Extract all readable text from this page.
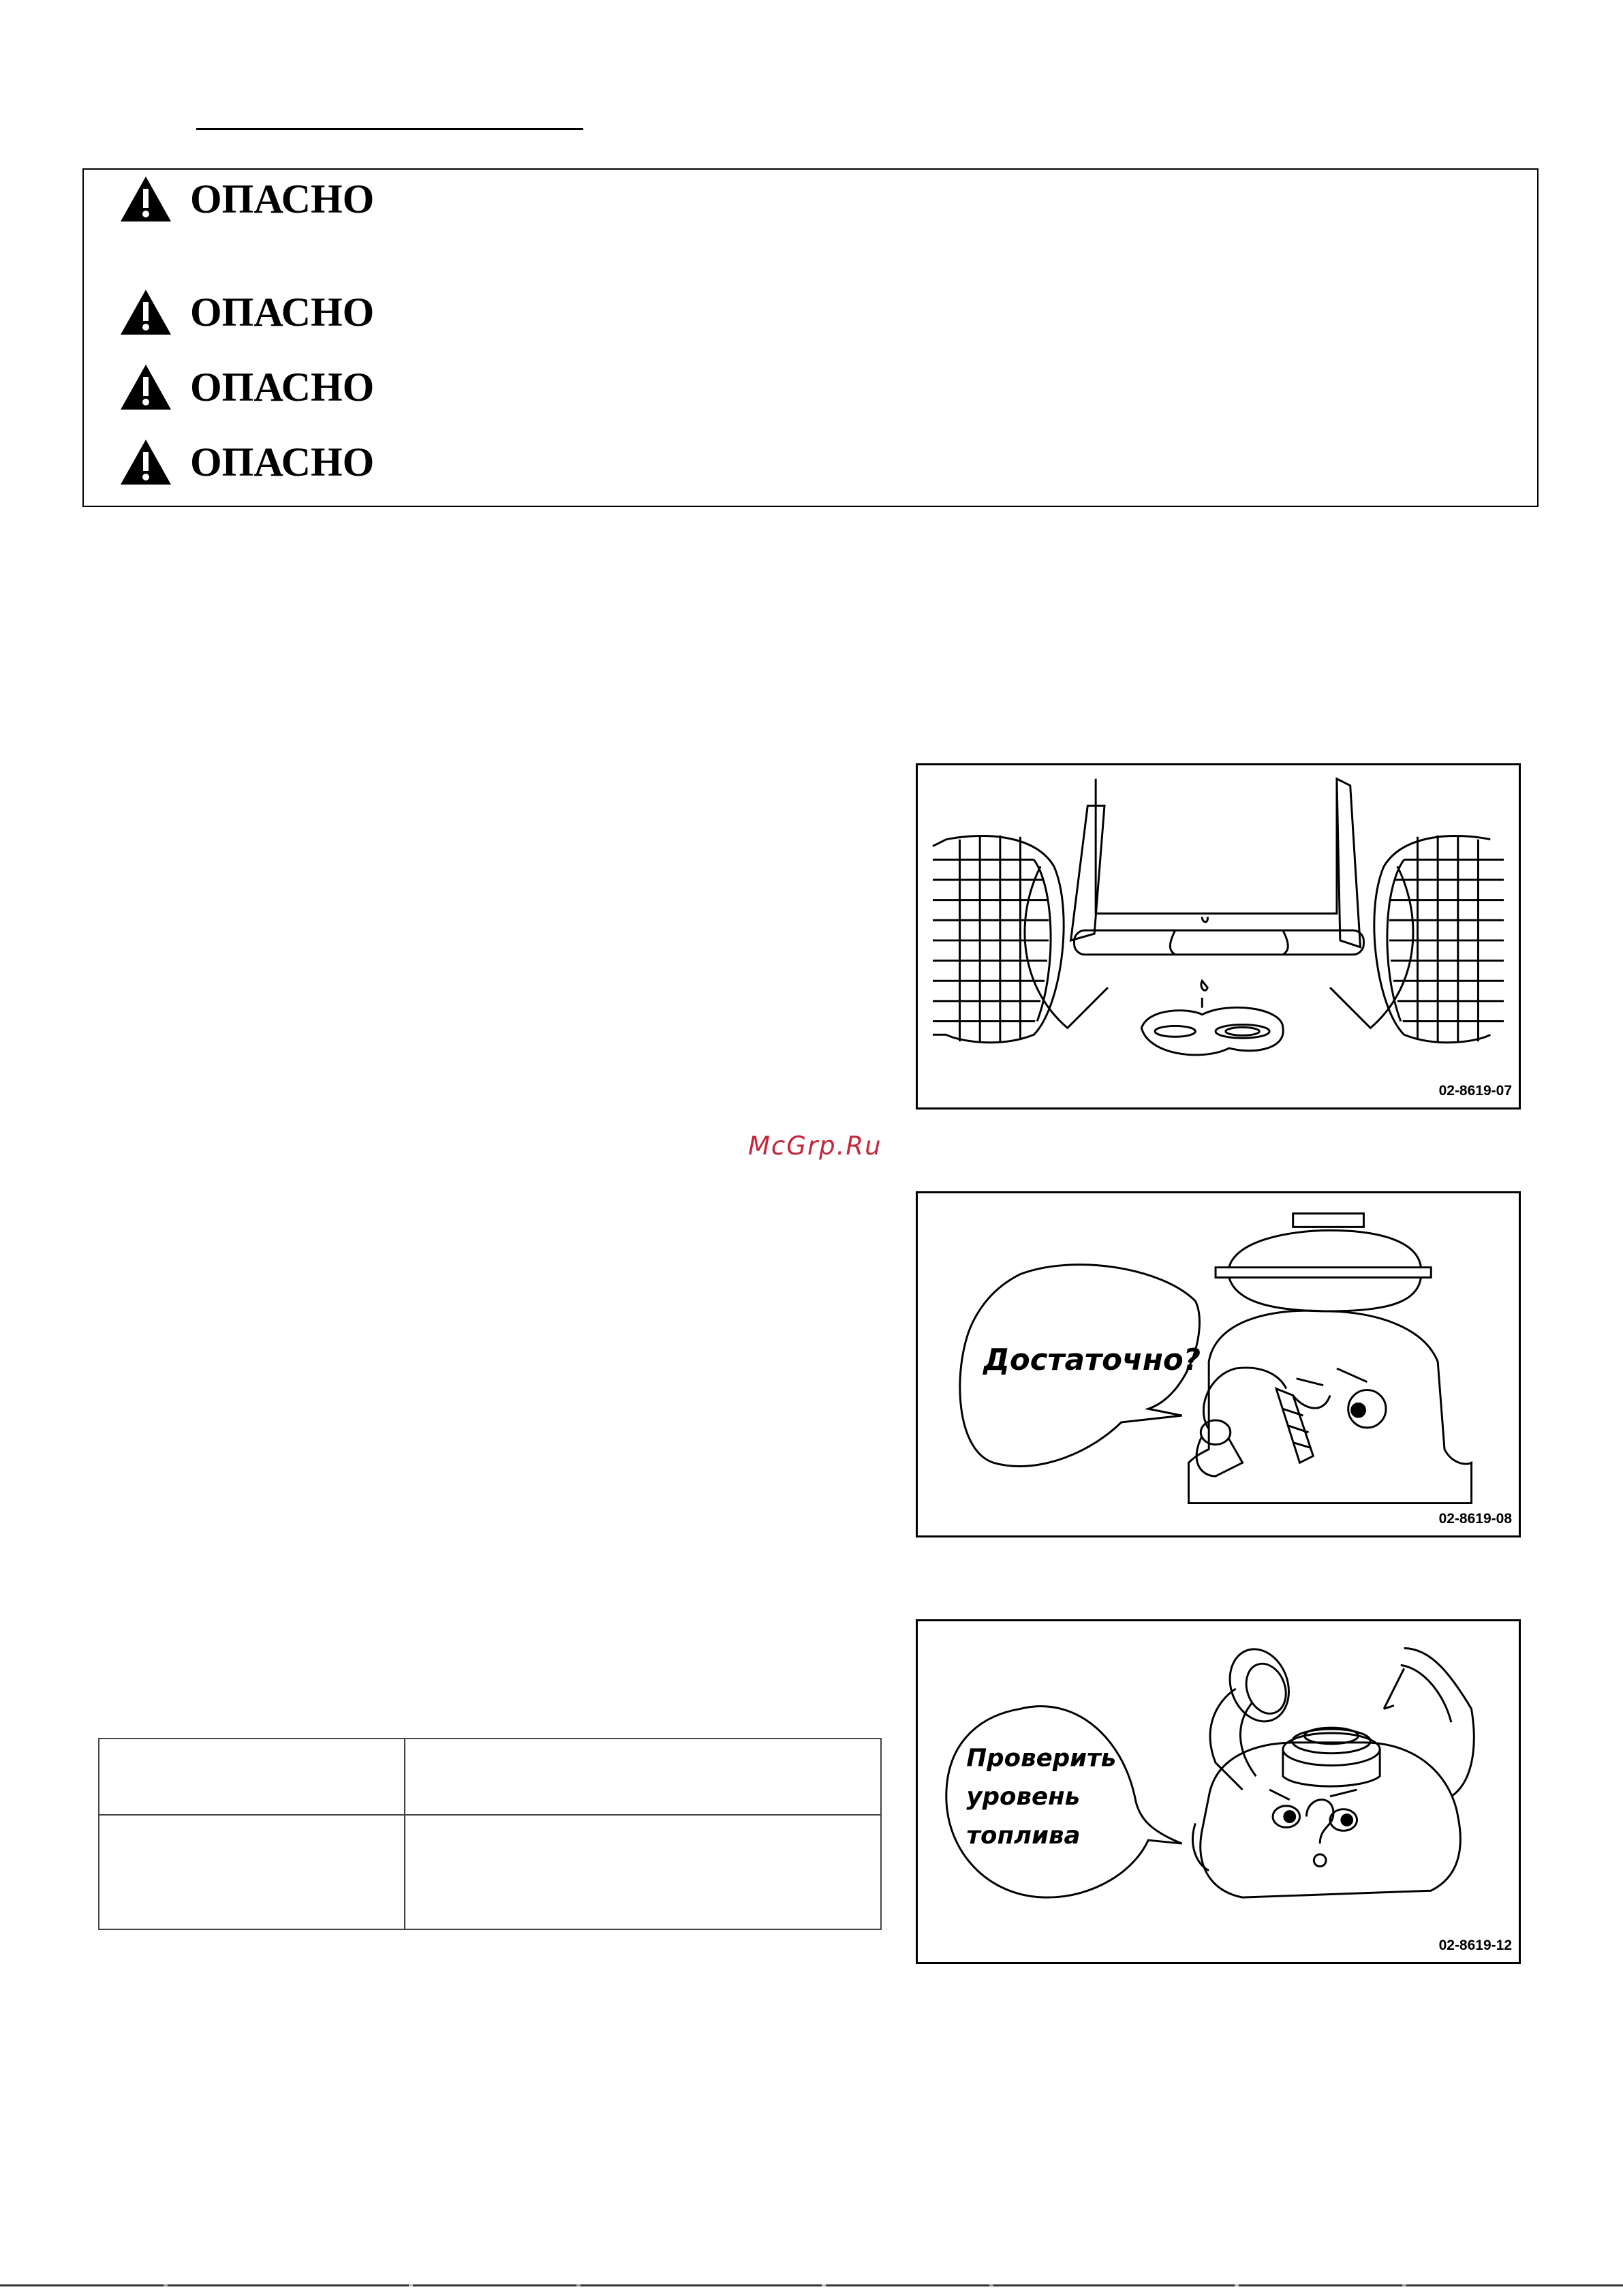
ОПАСНО
ОПАСНО
ОПАСНО
ОПАСНО
02-8619-07
McGrp.Ru
Достаточно?
02-8619-08
Проверить уровень топлива
02-8619-12
